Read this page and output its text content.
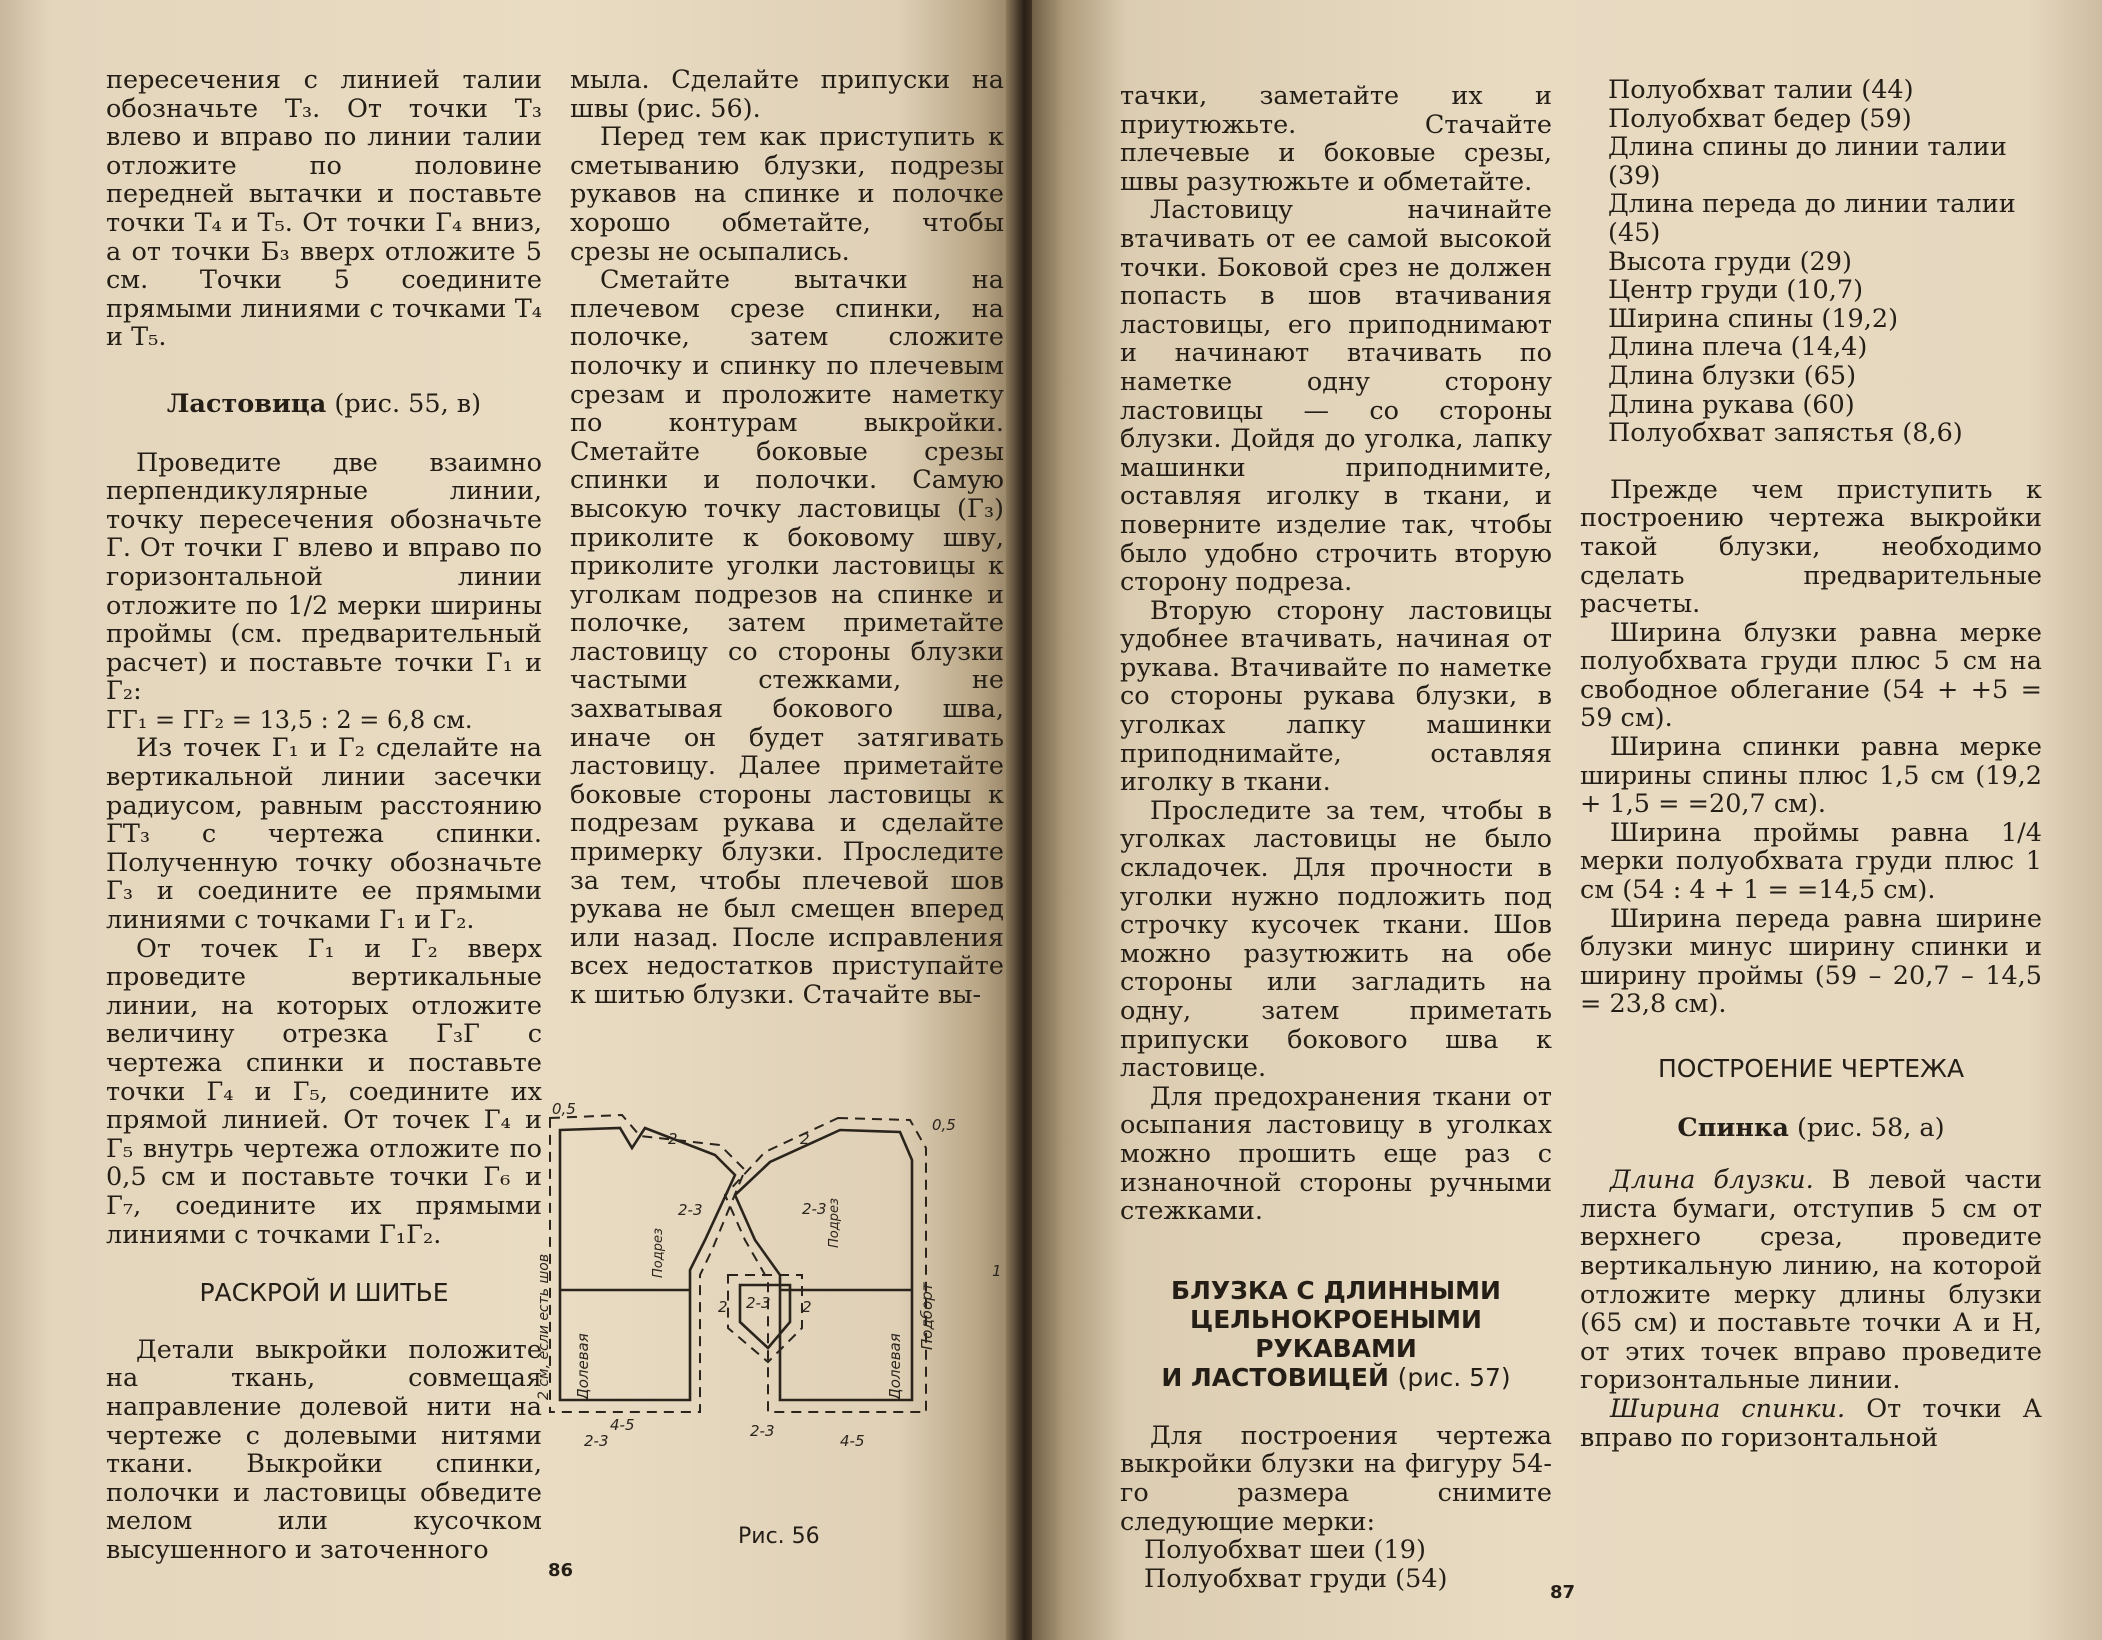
пересечения с линией талии обозначьте Т₃. От точки Т₃ влево и вправо по линии талии отложите по половине передней вытачки и поставьте точки Т₄ и Т₅. От точки Г₄ вниз, а от точки Б₃ вверх отложите 5 см. Точки 5 соедините прямыми линиями с точками Т₄ и Т₅.

Ластовица (рис. 55, в)

Проведите две взаимно перпендикулярные линии, точку пересечения обозначьте Г. От точки Г влево и вправо по горизонтальной линии отложите по 1/2 мерки ширины проймы (см. предварительный расчет) и поставьте точки Г₁ и Г₂:

ГГ₁ = ГГ₂ = 13,5 : 2 = 6,8 см.

Из точек Г₁ и Г₂ сделайте на вертикальной линии засечки радиусом, равным расстоянию ГТ₃ с чертежа спинки. Полученную точку обозначьте Г₃ и соедините ее прямыми линиями с точками Г₁ и Г₂.

От точек Г₁ и Г₂ вверх проведите вертикальные линии, на которых отложите величину отрезка Г₃Г с чертежа спинки и поставьте точки Г₄ и Г₅, соедините их прямой линией. От точек Г₄ и Г₅ внутрь чертежа отложите по 0,5 см и поставьте точки Г₆ и Г₇, соедините их прямыми линиями с точками Г₁Г₂.

РАСКРОЙ И ШИТЬЕ

Детали выкройки положите на ткань, совмещая направление долевой нити на чертеже с долевыми нитями ткани. Выкройки спинки, полочки и ластовицы обведите мелом или кусочком высушенного и заточенного

мыла. Сделайте припуски на швы (рис. 56).

Перед тем как приступить к сметыванию блузки, подрезы рукавов на спинке и полочке хорошо обметайте, чтобы срезы не осыпались.

Сметайте вытачки на плечевом срезе спинки, на полочке, затем сложите полочку и спинку по плечевым срезам и проложите наметку по контурам выкройки. Сметайте боковые срезы спинки и полочки. Самую высокую точку ластовицы (Г₃) приколите к боковому шву, приколите уголки ластовицы к уголкам подрезов на спинке и полочке, затем приметайте ластовицу со стороны блузки частыми стежками, не захватывая бокового шва, иначе он будет затягивать ластовицу. Далее приметайте боковые стороны ластовицы к подрезам рукава и сделайте примерку блузки. Проследите за тем, чтобы плечевой шов рукава не был смещен вперед или назад. После исправления всех недостатков приступайте к шитью блузки. Стачайте вы-

0,5
2	2
0,5
2-3	2-3
2-3
2	2
1
2-3
4-5
4-5
2 см, если есть шов Долевая	Долевая
Подборт
Подрез
Подрез
2-3
Рис. 56
86

тачки, заметайте их и приутюжьте. Стачайте плечевые и боковые срезы, швы разутюжьте и обметайте.

Ластовицу начинайте втачивать от ее самой высокой точки. Боковой срез не должен попасть в шов втачивания ластовицы, его приподнимают и начинают втачивать по наметке одну сторону ластовицы — со стороны блузки. Дойдя до уголка, лапку машинки приподнимите, оставляя иголку в ткани, и поверните изделие так, чтобы было удобно строчить вторую сторону подреза.

Вторую сторону ластовицы удобнее втачивать, начиная от рукава. Втачивайте по наметке со стороны рукава блузки, в уголках лапку машинки приподнимайте, оставляя иголку в ткани.

Проследите за тем, чтобы в уголках ластовицы не было складочек. Для прочности в уголки нужно подложить под строчку кусочек ткани. Шов можно разутюжить на обе стороны или загладить на одну, затем приметать припуски бокового шва к ластовице.

Для предохранения ткани от осыпания ластовицу в уголках можно прошить еще раз с изнаночной стороны ручными стежками.

БЛУЗКА С ДЛИННЫМИ
ЦЕЛЬНОКРОЕНЫМИ
РУКАВАМИ
И ЛАСТОВИЦЕЙ (рис. 57)

Для построения чертежа выкройки блузки на фигуру 54-го размера снимите следующие мерки:

Полуобхват шеи (19)

Полуобхват груди (54)

Полуобхват талии (44)

Полуобхват бедер (59)

Длина спины до линии талии (39)

Длина переда до линии талии (45)

Высота груди (29)

Центр груди (10,7)

Ширина спины (19,2)

Длина плеча (14,4)

Длина блузки (65)

Длина рукава (60)

Полуобхват запястья (8,6)

Прежде чем приступить к построению чертежа выкройки такой блузки, необходимо сделать предварительные расчеты.

Ширина блузки равна мерке полуобхвата груди плюс 5 см на свободное облегание (54 + +5 = 59 см).

Ширина спинки равна мерке ширины спины плюс 1,5 см (19,2 + 1,5 = =20,7 см).

Ширина проймы равна 1/4 мерки полуобхвата груди плюс 1 см (54 : 4 + 1 = =14,5 см).

Ширина переда равна ширине блузки минус ширину спинки и ширину проймы (59 – 20,7 – 14,5 = 23,8 см).

ПОСТРОЕНИЕ ЧЕРТЕЖА

Спинка (рис. 58, а)

Длина блузки. В левой части листа бумаги, отступив 5 см от верхнего среза, проведите вертикальную линию, на которой отложите мерку длины блузки (65 см) и поставьте точки А и Н, от этих точек вправо проведите горизонтальные линии.

Ширина спинки. От точки А вправо по горизонтальной

87
